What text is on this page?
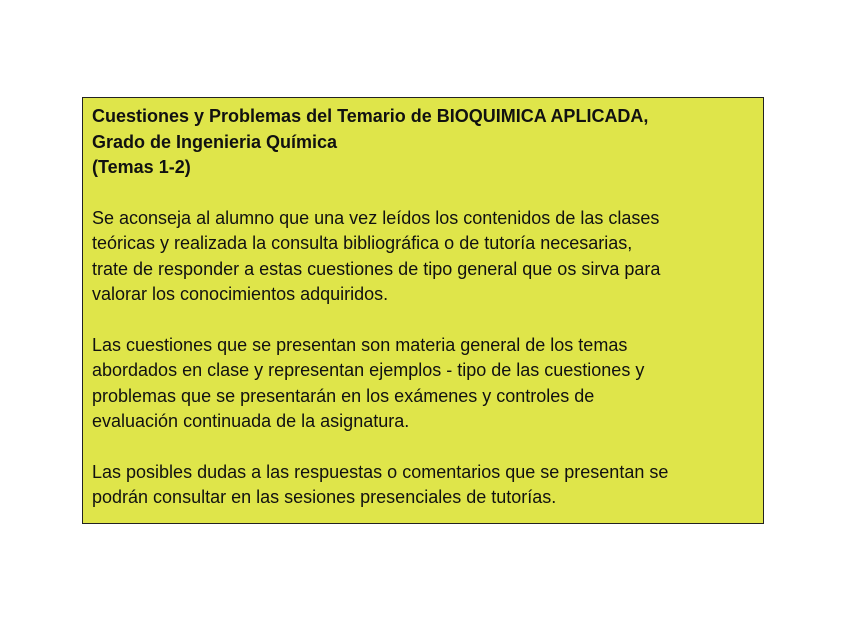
Cuestiones y Problemas del Temario de BIOQUIMICA APLICADA,
Grado de Ingenieria Química
(Temas 1-2)

Se aconseja al alumno que una vez leídos los contenidos de las clases
teóricas y realizada la consulta bibliográfica o de tutoría necesarias,
trate de responder a estas cuestiones de tipo general que os sirva para
valorar los conocimientos adquiridos.

Las cuestiones que se presentan son materia general de los temas
abordados en clase y representan ejemplos - tipo de las cuestiones y
problemas que se presentarán en los exámenes y controles de
evaluación continuada de la asignatura.

Las posibles dudas a las respuestas o comentarios que se presentan se
podrán consultar en las sesiones presenciales de tutorías.
